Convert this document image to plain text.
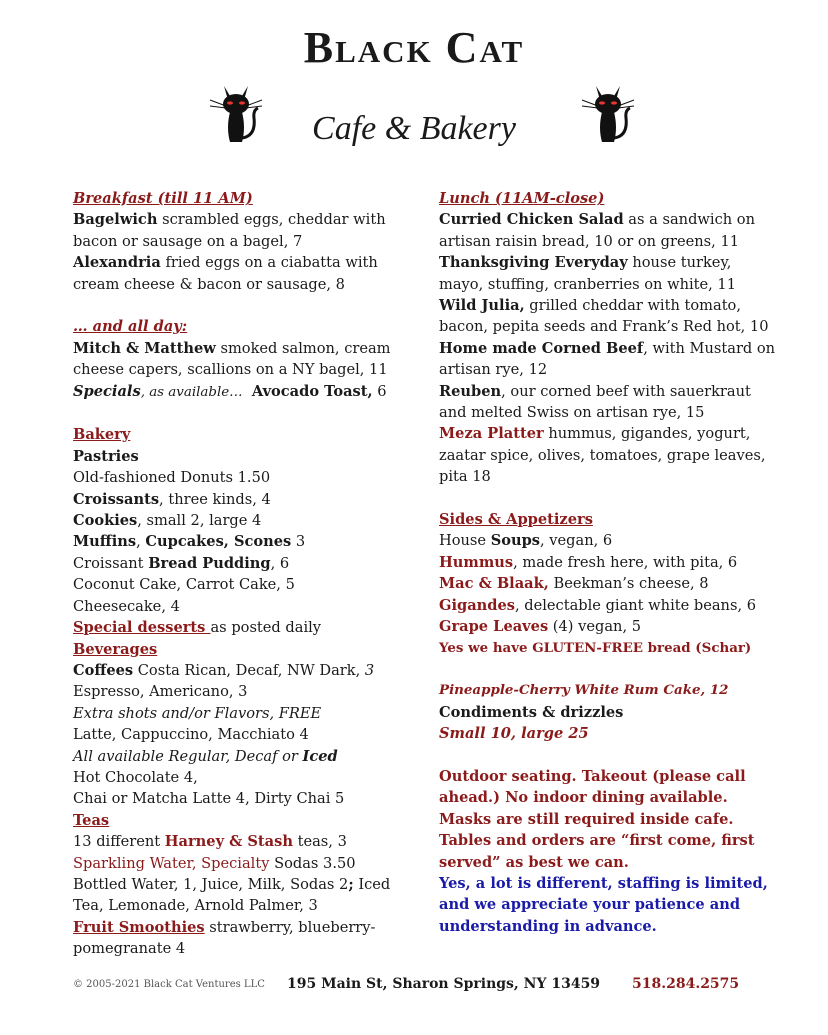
Black Cat
Cafe & Bakery

Breakfast (till 11 AM)

Bagelwich scrambled eggs, cheddar with bacon or sausage on a bagel, 7

Alexandria fried eggs on a ciabatta with cream cheese & bacon or sausage, 8

… and all day:

Mitch & Matthew smoked salmon, cream cheese capers, scallions on a NY bagel, 11

Specials, as available… Avocado Toast, 6

Bakery

Pastries

Old-fashioned Donuts 1.50

Croissants, three kinds, 4

Cookies, small 2, large 4

Muffins, Cupcakes, Scones 3

Croissant Bread Pudding, 6

Coconut Cake, Carrot Cake, 5

Cheesecake, 4

Special desserts as posted daily

Beverages

Coffees Costa Rican, Decaf, NW Dark, 3

Espresso, Americano, 3

Extra shots and/or Flavors, FREE

Latte, Cappuccino, Macchiato 4

All available Regular, Decaf or Iced

Hot Chocolate 4,

Chai or Matcha Latte 4, Dirty Chai 5

Teas

13 different Harney & Stash teas, 3

Sparkling Water, Specialty Sodas 3.50

Bottled Water, 1, Juice, Milk, Sodas 2; Iced Tea, Lemonade, Arnold Palmer, 3

Fruit Smoothies strawberry, blueberry-pomegranate 4

Lunch (11AM-close)

Curried Chicken Salad as a sandwich on artisan raisin bread, 10 or on greens, 11

Thanksgiving Everyday house turkey, mayo, stuffing, cranberries on white, 11

Wild Julia, grilled cheddar with tomato, bacon, pepita seeds and Frank’s Red hot, 10

Home made Corned Beef, with Mustard on artisan rye, 12

Reuben, our corned beef with sauerkraut and melted Swiss on artisan rye, 15

Meza Platter hummus, gigandes, yogurt, zaatar spice, olives, tomatoes, grape leaves, pita 18

Sides & Appetizers

House Soups, vegan, 6

Hummus, made fresh here, with pita, 6

Mac & Blaak, Beekman’s cheese, 8

Gigandes, delectable giant white beans, 6

Grape Leaves (4) vegan, 5

Yes we have GLUTEN-FREE bread (Schar)

Pineapple-Cherry White Rum Cake, 12

Condiments & drizzles

Small 10, large 25

Outdoor seating. Takeout (please call ahead.) No indoor dining available. Masks are still required inside cafe. Tables and orders are “first come, first served” as best we can.

Yes, a lot is different, staffing is limited, and we appreciate your patience and understanding in advance.

© 2005-2021 Black Cat Ventures LLC 195 Main St, Sharon Springs, NY 13459 518.284.2575
